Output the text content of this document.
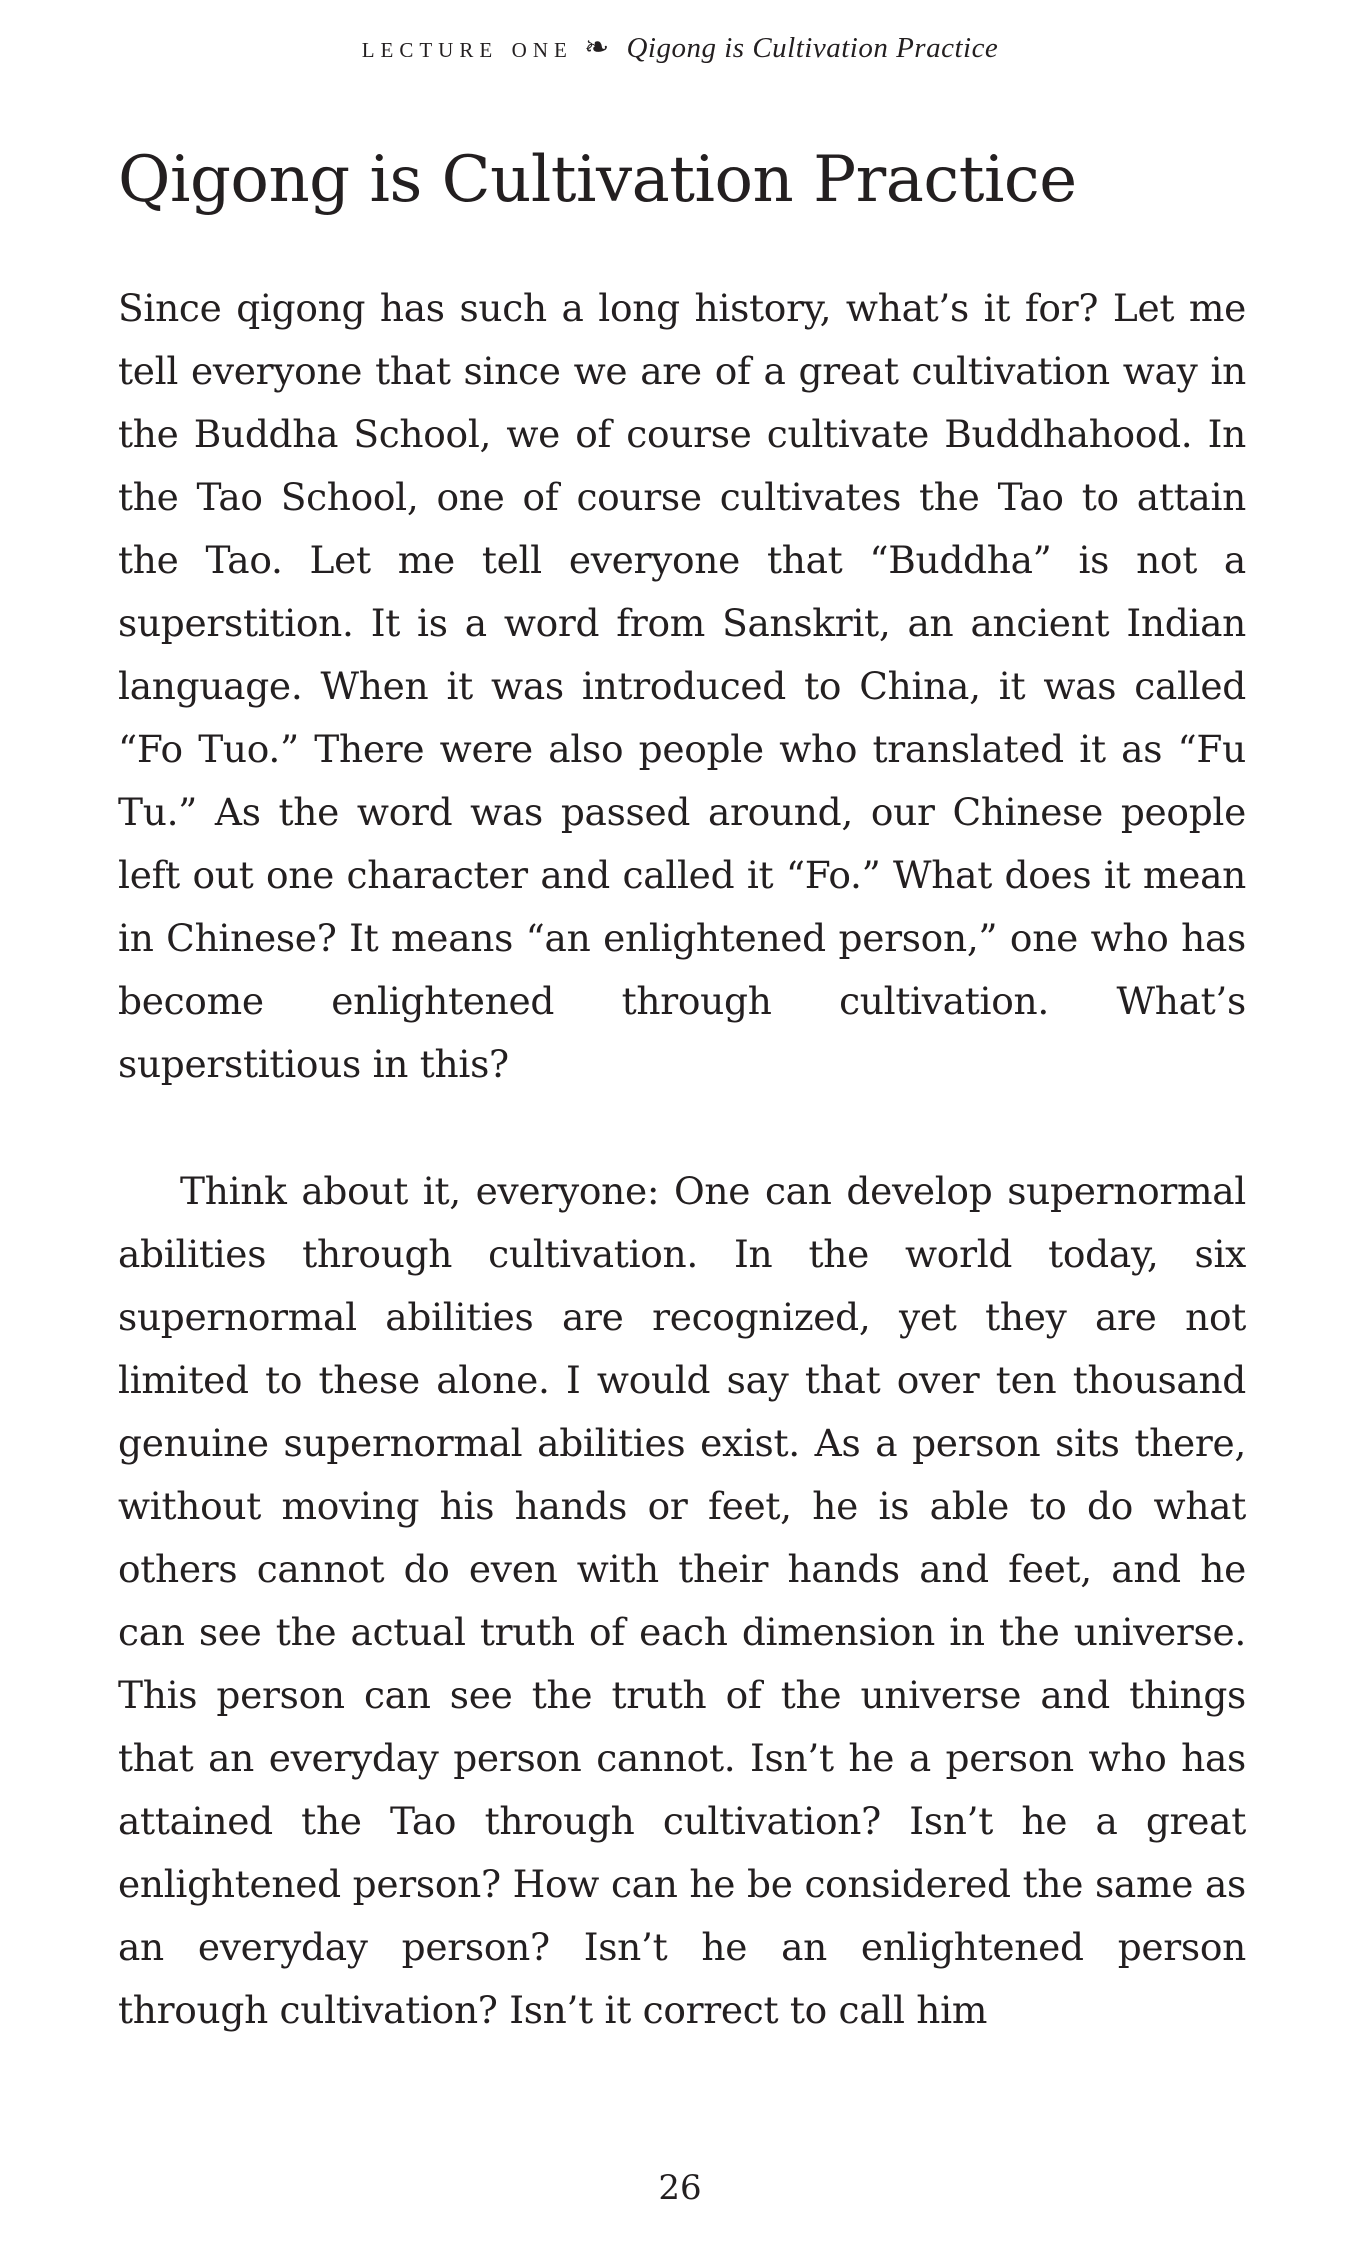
lecture one ❧ Qigong is Cultivation Practice
Qigong is Cultivation Practice

Since qigong has such a long history, what’s it for? Let me tell everyone that since we are of a great cultivation way in the Buddha School, we of course cultivate Buddhahood. In the Tao School, one of course cultivates the Tao to attain the Tao. Let me tell everyone that “Buddha” is not a superstition. It is a word from Sanskrit, an ancient Indian language. When it was introduced to China, it was called “Fo Tuo.” There were also people who translated it as “Fu Tu.” As the word was passed around, our Chinese people left out one character and called it “Fo.” What does it mean in Chinese? It means “an enlightened person,” one who has become enlightened through cultivation. What’s superstitious in this?

Think about it, everyone: One can develop supernormal abilities through cultivation. In the world today, six supernormal abilities are recognized, yet they are not limited to these alone. I would say that over ten thousand genuine supernormal abilities exist. As a person sits there, without moving his hands or feet, he is able to do what others cannot do even with their hands and feet, and he can see the actual truth of each dimension in the universe. This person can see the truth of the universe and things that an everyday person cannot. Isn’t he a person who has attained the Tao through cultivation? Isn’t he a great enlightened person? How can he be considered the same as an everyday person? Isn’t he an enlightened person through cultivation? Isn’t it correct to call him

26
